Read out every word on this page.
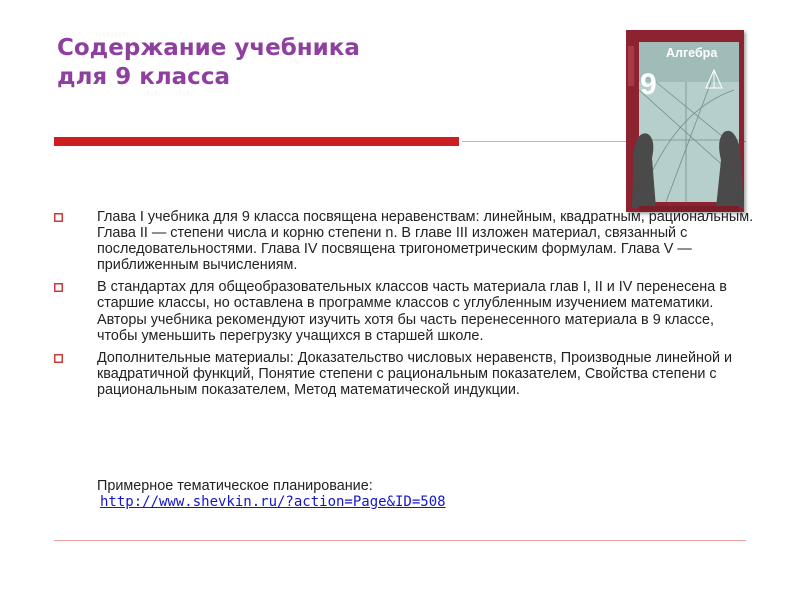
Содержание учебника
для 9 класса	9
Алгебра
Глава I учебника для 9 класса посвящена неравенствам: линейным, квадратным, рациональным. Глава II — степени числа и корню степени n. В главе III изложен материал, связанный с последовательностями. Глава IV посвящена тригонометрическим формулам. Глава V — приближенным вычислениям.
В стандартах для общеобразовательных классов часть материала глав I, II и IV перенесена в старшие классы, но оставлена в программе классов с углубленным изучением математики. Авторы учебника рекомендуют изучить хотя бы часть перенесенного материала в 9 классе, чтобы уменьшить перегрузку учащихся в старшей школе.
Дополнительные материалы: Доказательство числовых неравенств, Производные линейной и квадратичной функций, Понятие степени с рациональным показателем, Свойства степени с рациональным показателем, Метод математической индукции.
Примерное тематическое планирование:
http://www.shevkin.ru/?action=Page&ID=508
